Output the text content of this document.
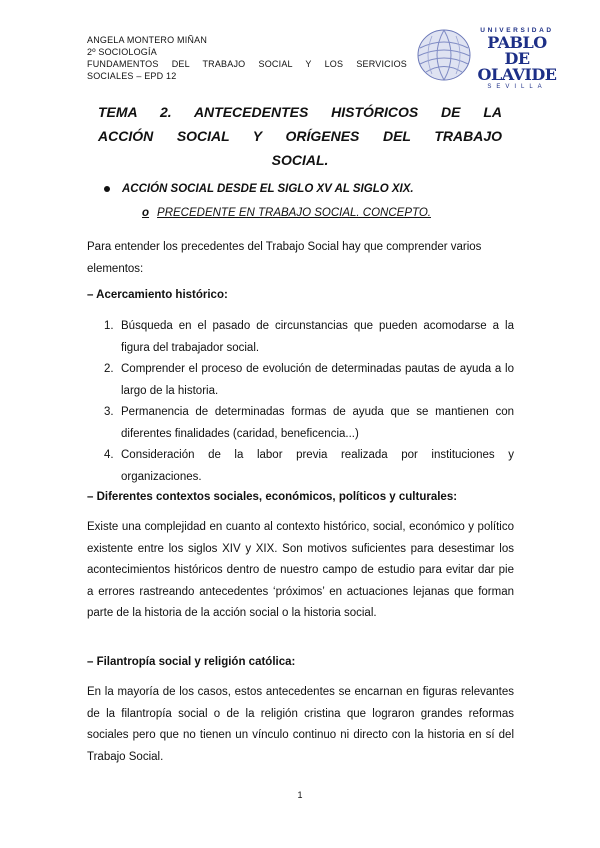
ANGELA MONTERO MIÑAN
2º SOCIOLOGÍA
FUNDAMENTOS DEL TRABAJO SOCIAL Y LOS SERVICIOS
SOCIALES – EPD 12
UNIVERSIDAD
PABLO DE
OLAVIDE
SEVILLA
TEMA 2. ANTECEDENTES HISTÓRICOS DE LA
ACCIÓN SOCIAL Y ORÍGENES DEL TRABAJO
SOCIAL.
ACCIÓN SOCIAL DESDE EL SIGLO XV AL SIGLO XIX.
o PRECEDENTE EN TRABAJO SOCIAL. CONCEPTO.
Para entender los precedentes del Trabajo Social hay que comprender varios elementos:
– Acercamiento histórico:
1. Búsqueda en el pasado de circunstancias que pueden acomodarse a la figura del trabajador social.
2. Comprender el proceso de evolución de determinadas pautas de ayuda a lo largo de la historia.
3. Permanencia de determinadas formas de ayuda que se mantienen con diferentes finalidades (caridad, beneficencia...)
4. Consideración de la labor previa realizada por instituciones y organizaciones.
– Diferentes contextos sociales, económicos, políticos y culturales:
Existe una complejidad en cuanto al contexto histórico, social, económico y político existente entre los siglos XIV y XIX. Son motivos suficientes para desestimar los acontecimientos históricos dentro de nuestro campo de estudio para evitar dar pie a errores rastreando antecedentes ‘próximos’ en actuaciones lejanas que forman parte de la historia de la acción social o la historia social.
– Filantropía social y religión católica:
En la mayoría de los casos, estos antecedentes se encarnan en figuras relevantes de la filantropía social o de la religión cristina que lograron grandes reformas sociales pero que no tienen un vínculo continuo ni directo con la historia en sí del Trabajo Social.
1
